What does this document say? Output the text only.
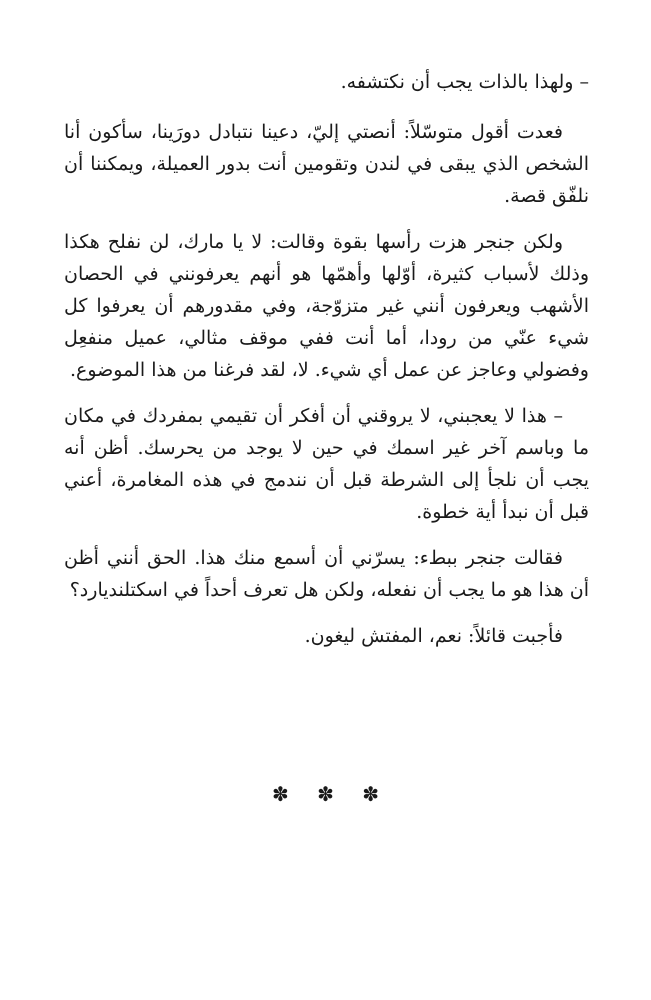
– ولهذا بالذات يجب أن نكتشفه.

فعدت أقول متوسّلاً: أنصتي إليّ، دعينا نتبادل دورَينا، سأكون أنا الشخص الذي يبقى في لندن وتقومين أنت بدور العميلة، ويمكننا أن نلفّق قصة.

ولكن جنجر هزت رأسها بقوة وقالت: لا يا مارك، لن نفلح هكذا وذلك لأسباب كثيرة، أوّلها وأهمّها هو أنهم يعرفونني في الحصان الأشهب ويعرفون أنني غير متزوّجة، وفي مقدورهم أن يعرفوا كل شيء عنّي من رودا، أما أنت ففي موقف مثالي، عميل منفعِل وفضولي وعاجز عن عمل أي شيء. لا، لقد فرغنا من هذا الموضوع.

– هذا لا يعجبني، لا يروقني أن أفكر أن تقيمي بمفردك في مكان ما وباسم آخر غير اسمك في حين لا يوجد من يحرسك. أظن أنه يجب أن نلجأ إلى الشرطة قبل أن نندمج في هذه المغامرة، أعني قبل أن نبدأ أية خطوة.

فقالت جنجر ببطء: يسرّني أن أسمع منك هذا. الحق أنني أظن أن هذا هو ما يجب أن نفعله، ولكن هل تعرف أحداً في اسكتلنديارد؟

فأجبت قائلاً: نعم، المفتش ليغون.

✽ ✽ ✽
